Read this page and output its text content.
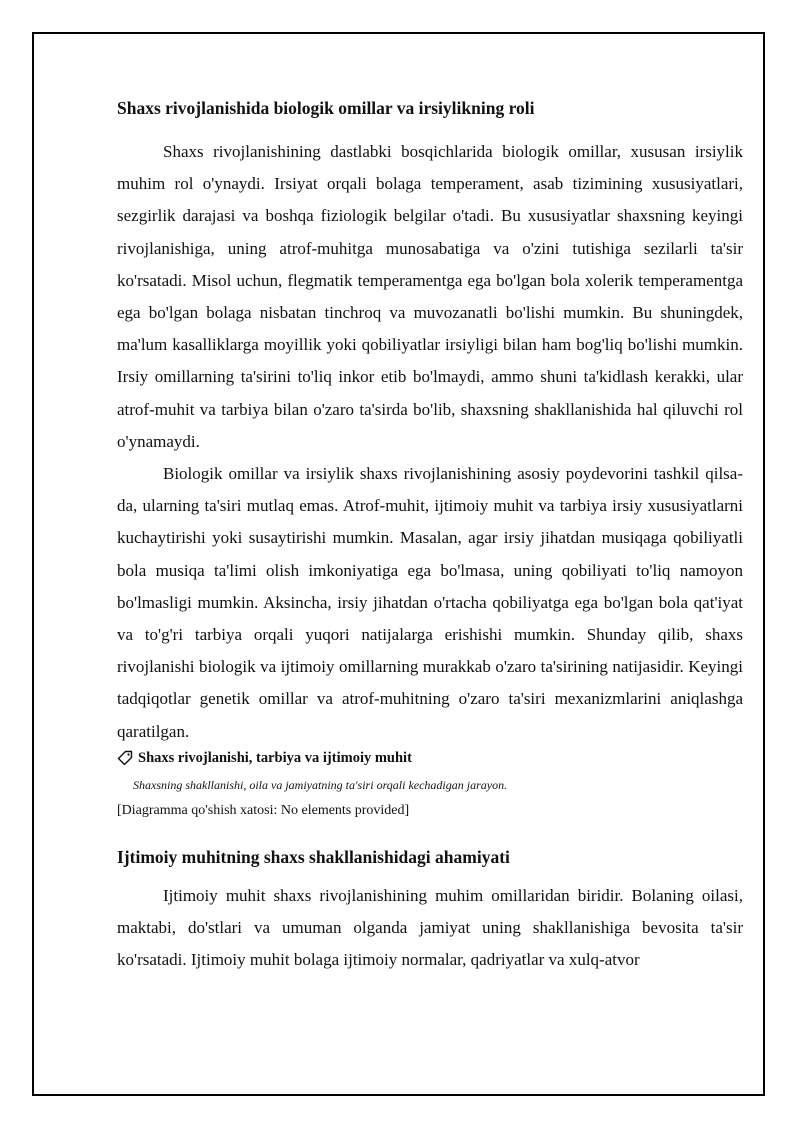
Shaxs rivojlanishida biologik omillar va irsiylikning roli

Shaxs rivojlanishining dastlabki bosqichlarida biologik omillar, xususan irsiylik muhim rol o'ynaydi. Irsiyat orqali bolaga temperament, asab tizimining xususiyatlari, sezgirlik darajasi va boshqa fiziologik belgilar o'tadi. Bu xususiyatlar shaxsning keyingi rivojlanishiga, uning atrof-muhitga munosabatiga va o'zini tutishiga sezilarli ta'sir ko'rsatadi. Misol uchun, flegmatik temperamentga ega bo'lgan bola xolerik temperamentga ega bo'lgan bolaga nisbatan tinchroq va muvozanatli bo'lishi mumkin. Bu shuningdek, ma'lum kasalliklarga moyillik yoki qobiliyatlar irsiyligi bilan ham bog'liq bo'lishi mumkin. Irsiy omillarning ta'sirini to'liq inkor etib bo'lmaydi, ammo shuni ta'kidlash kerakki, ular atrof-muhit va tarbiya bilan o'zaro ta'sirda bo'lib, shaxsning shakllanishida hal qiluvchi rol o'ynamaydi.

Biologik omillar va irsiylik shaxs rivojlanishining asosiy poydevorini tashkil qilsa-da, ularning ta'siri mutlaq emas. Atrof-muhit, ijtimoiy muhit va tarbiya irsiy xususiyatlarni kuchaytirishi yoki susaytirishi mumkin. Masalan, agar irsiy jihatdan musiqaga qobiliyatli bola musiqa ta'limi olish imkoniyatiga ega bo'lmasa, uning qobiliyati to'liq namoyon bo'lmasligi mumkin. Aksincha, irsiy jihatdan o'rtacha qobiliyatga ega bo'lgan bola qat'iyat va to'g'ri tarbiya orqali yuqori natijalarga erishishi mumkin. Shunday qilib, shaxs rivojlanishi biologik va ijtimoiy omillarning murakkab o'zaro ta'sirining natijasidir. Keyingi tadqiqotlar genetik omillar va atrof-muhitning o'zaro ta'siri mexanizmlarini aniqlashga qaratilgan.

Shaxs rivojlanishi, tarbiya va ijtimoiy muhit
Shaxsning shakllanishi, oila va jamiyatning ta'siri orqali kechadigan jarayon.
[Diagramma qo'shish xatosi: No elements provided]
Ijtimoiy muhitning shaxs shakllanishidagi ahamiyati

Ijtimoiy muhit shaxs rivojlanishining muhim omillaridan biridir. Bolaning oilasi, maktabi, do'stlari va umuman olganda jamiyat uning shakllanishiga bevosita ta'sir ko'rsatadi. Ijtimoiy muhit bolaga ijtimoiy normalar, qadriyatlar va xulq-atvor
